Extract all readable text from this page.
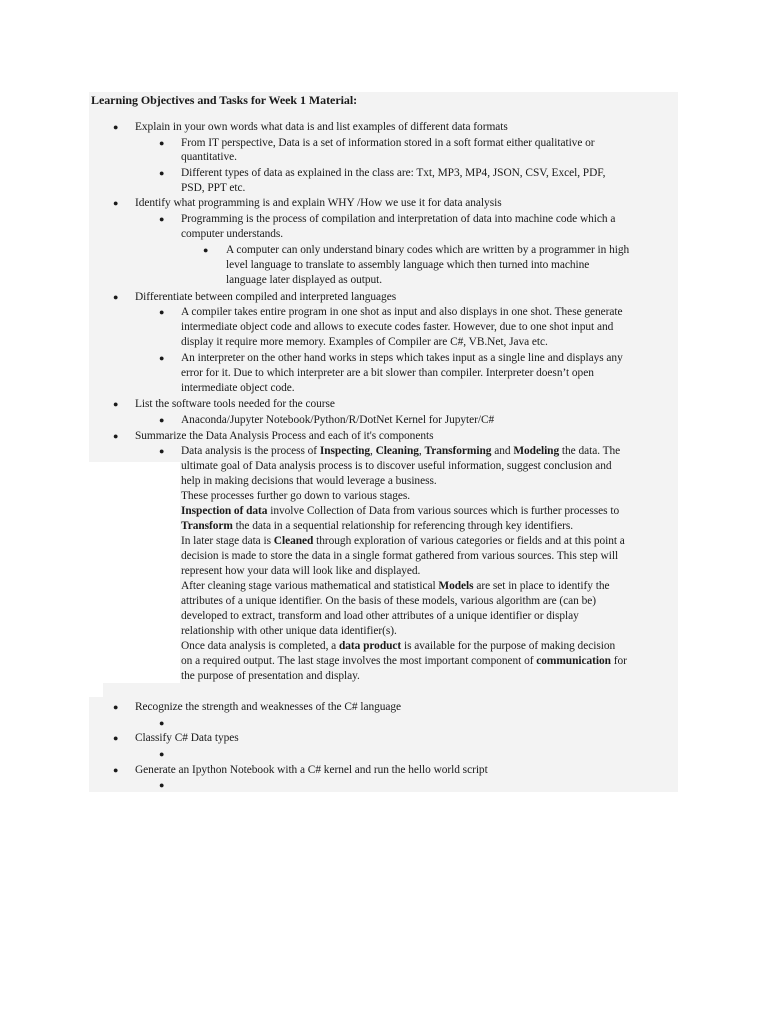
Learning Objectives and Tasks for Week 1 Material:
● Explain in your own words what data is and list examples of different data formats
● From IT perspective, Data is a set of information stored in a soft format either qualitative or
quantitative.
● Different types of data as explained in the class are: Txt, MP3, MP4, JSON, CSV, Excel, PDF,
PSD, PPT etc.
● Identify what programming is and explain WHY /How we use it for data analysis
● Programming is the process of compilation and interpretation of data into machine code which a
computer understands.
● A computer can only understand binary codes which are written by a programmer in high
level language to translate to assembly language which then turned into machine
language later displayed as output.
● Differentiate between compiled and interpreted languages
● A compiler takes entire program in one shot as input and also displays in one shot. These generate
intermediate object code and allows to execute codes faster. However, due to one shot input and
display it require more memory. Examples of Compiler are C#, VB.Net, Java etc.
● An interpreter on the other hand works in steps which takes input as a single line and displays any
error for it. Due to which interpreter are a bit slower than compiler. Interpreter doesn’t open
intermediate object code.
● List the software tools needed for the course
● Anaconda/Jupyter Notebook/Python/R/DotNet Kernel for Jupyter/C#
● Summarize the Data Analysis Process and each of it's components
● Data analysis is the process of Inspecting, Cleaning, Transforming and Modeling the data. The
ultimate goal of Data analysis process is to discover useful information, suggest conclusion and
help in making decisions that would leverage a business.
These processes further go down to various stages.
Inspection of data involve Collection of Data from various sources which is further processes to
Transform the data in a sequential relationship for referencing through key identifiers.
In later stage data is Cleaned through exploration of various categories or fields and at this point a
decision is made to store the data in a single format gathered from various sources. This step will
represent how your data will look like and displayed.
After cleaning stage various mathematical and statistical Models are set in place to identify the
attributes of a unique identifier. On the basis of these models, various algorithm are (can be)
developed to extract, transform and load other attributes of a unique identifier or display
relationship with other unique data identifier(s).
Once data analysis is completed, a data product is available for the purpose of making decision
on a required output. The last stage involves the most important component of communication for
the purpose of presentation and display.
● Recognize the strength and weaknesses of the C# language
●
● Classify C# Data types
●
● Generate an Ipython Notebook with a C# kernel and run the hello world script
●
